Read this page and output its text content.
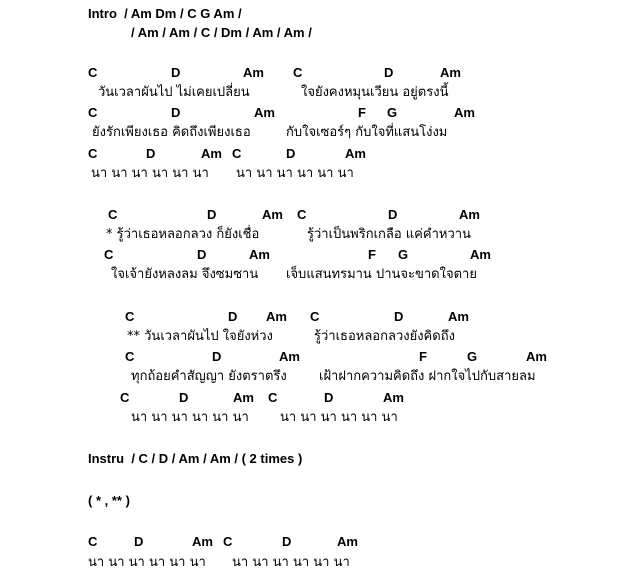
Intro  / Am Dm / C G Am /
/ Am / Am / C / Dm / Am / Am /
C	D	Am C	D	Am
วันเวลาผันไป ไม่เคยเปลี่ยน	ใจยังคงหมุนเวียน อยู่ตรงนี้
C	D	Am	F G	Am
ยังรักเพียงเธอ คิดถึงเพียงเธอ	กับใจเซอร์ๆ กับใจที่แสนโง่งม
C	D	Am C	D	Am
นา นา นา นา นา นา นา นา นา นา นา นา
C	D	Am C	D	Am
* รู้ว่าเธอหลอกลวง ก็ยังเชื่อ	รู้ว่าเป็นพริกเกลือ แค่คำหวาน
C	D	Am	F G	Am
ใจเจ้ายังหลงลม จึงซมซาน เจ็บแสนทรมาน ปานจะขาดใจตาย
C	D Am C	D	Am
** วันเวลาผันไป ใจยังห่วง	รู้ว่าเธอหลอกลวงยังคิดถึง
C	D	Am	F	G	Am
ทุกถ้อยคำสัญญา ยังตราตรึง เฝ้าฝากความคิดถึง ฝากใจไปกับสายลม
C	D	Am C	D	Am
นา นา นา นา นา นา นา นา นา นา นา นา
Instru  / C / D / Am / Am / ( 2 times )
( * , ** )
C	D	Am C	D	Am
นา นา นา นา นา นา นา นา นา นา นา นา
